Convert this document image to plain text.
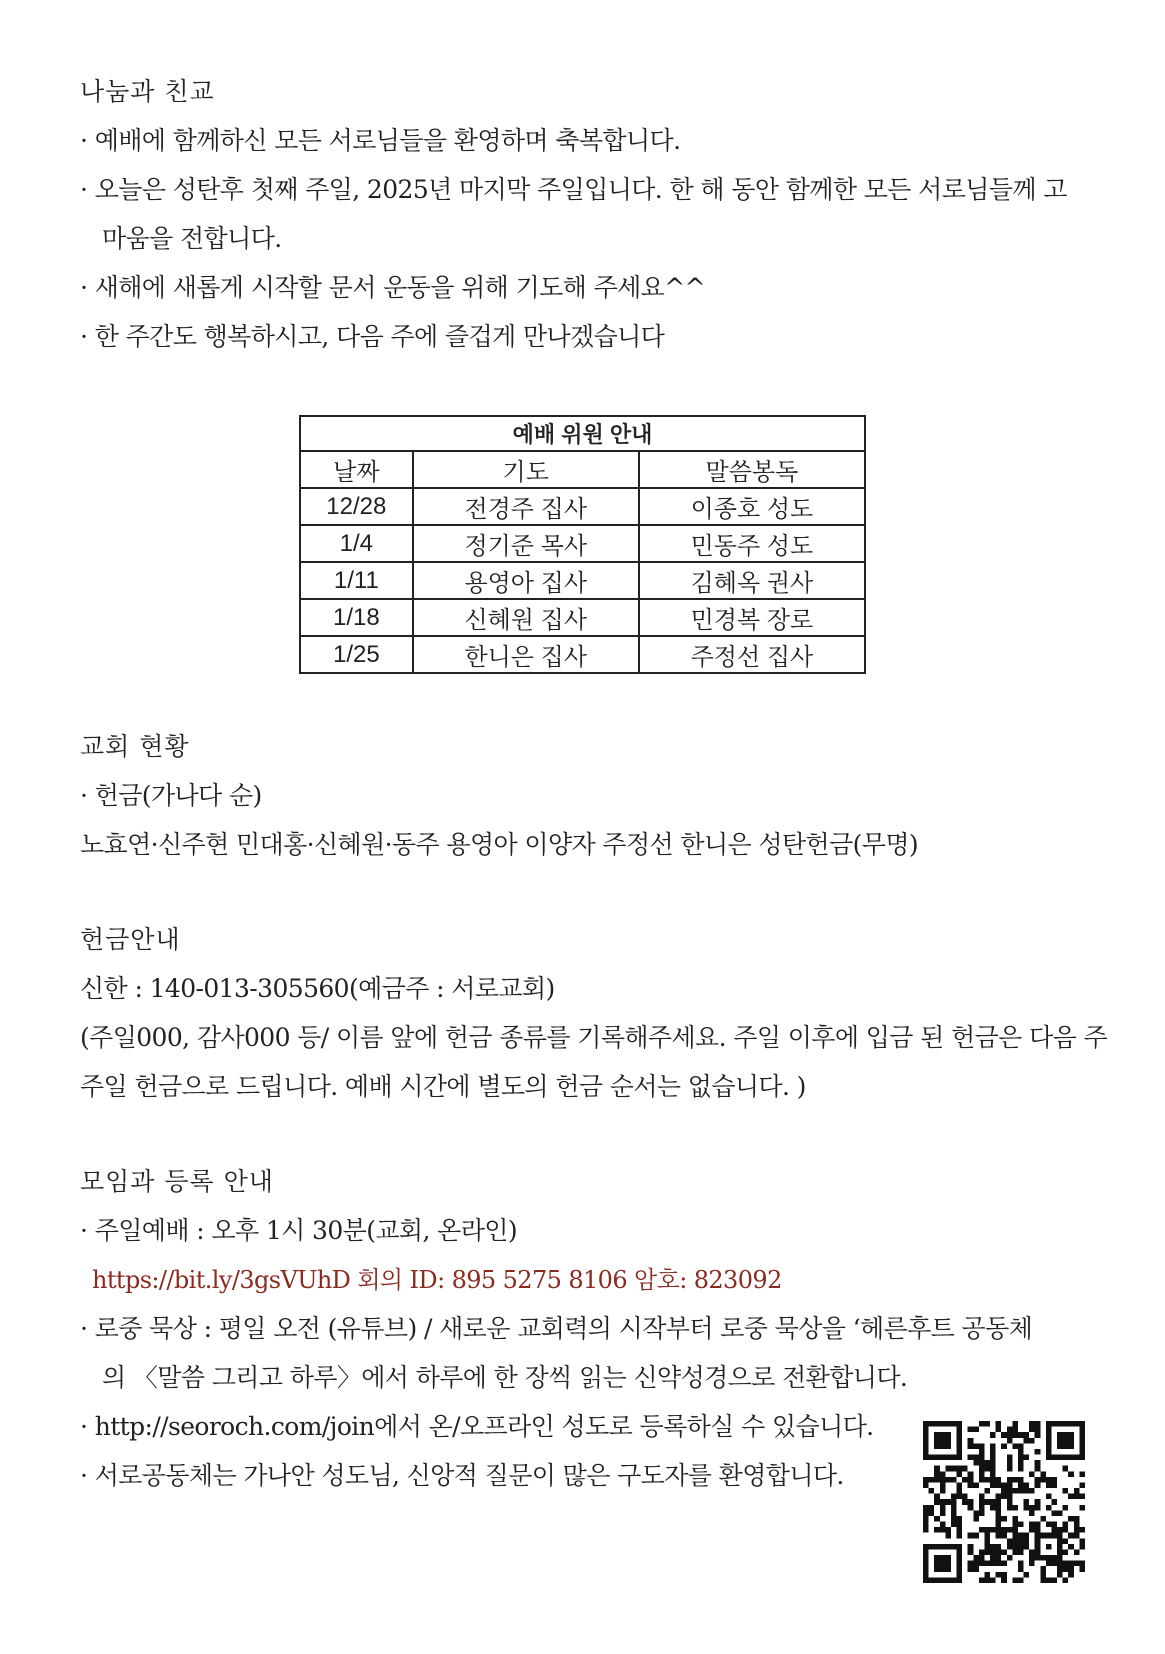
나눔과 친교
· 예배에 함께하신 모든 서로님들을 환영하며 축복합니다.
· 오늘은 성탄후 첫째 주일, 2025년 마지막 주일입니다. 한 해 동안 함께한 모든 서로님들께 고
마움을 전합니다.
· 새해에 새롭게 시작할 문서 운동을 위해 기도해 주세요^^
· 한 주간도 행복하시고, 다음 주에 즐겁게 만나겠습니다
예배 위원 안내		
날짜	기도	말씀봉독
12/28	전경주 집사	이종호 성도
1/4	정기준 목사	민동주 성도
1/11	용영아 집사	김혜옥 권사
1/18	신혜원 집사	민경복 장로
1/25	한니은 집사	주정선 집사
교회 현황
· 헌금(가나다 순)
노효연·신주현 민대홍·신혜원·동주 용영아 이양자 주정선 한니은 성탄헌금(무명)
헌금안내
신한 : 140-013-305560(예금주 : 서로교회)
(주일000, 감사000 등/ 이름 앞에 헌금 종류를 기록해주세요. 주일 이후에 입금 된 헌금은 다음 주
주일 헌금으로 드립니다. 예배 시간에 별도의 헌금 순서는 없습니다. )
모임과 등록 안내
· 주일예배 : 오후 1시 30분(교회, 온라인)
https://bit.ly/3gsVUhD 회의 ID: 895 5275 8106 암호: 823092
· 로중 묵상 : 평일 오전 (유튜브) / 새로운 교회력의 시작부터 로중 묵상을 ‘헤른후트 공동체
의 〈말씀 그리고 하루〉에서 하루에 한 장씩 읽는 신약성경으로 전환합니다.
· http://seoroch.com/join에서 온/오프라인 성도로 등록하실 수 있습니다.
· 서로공동체는 가나안 성도님, 신앙적 질문이 많은 구도자를 환영합니다.
